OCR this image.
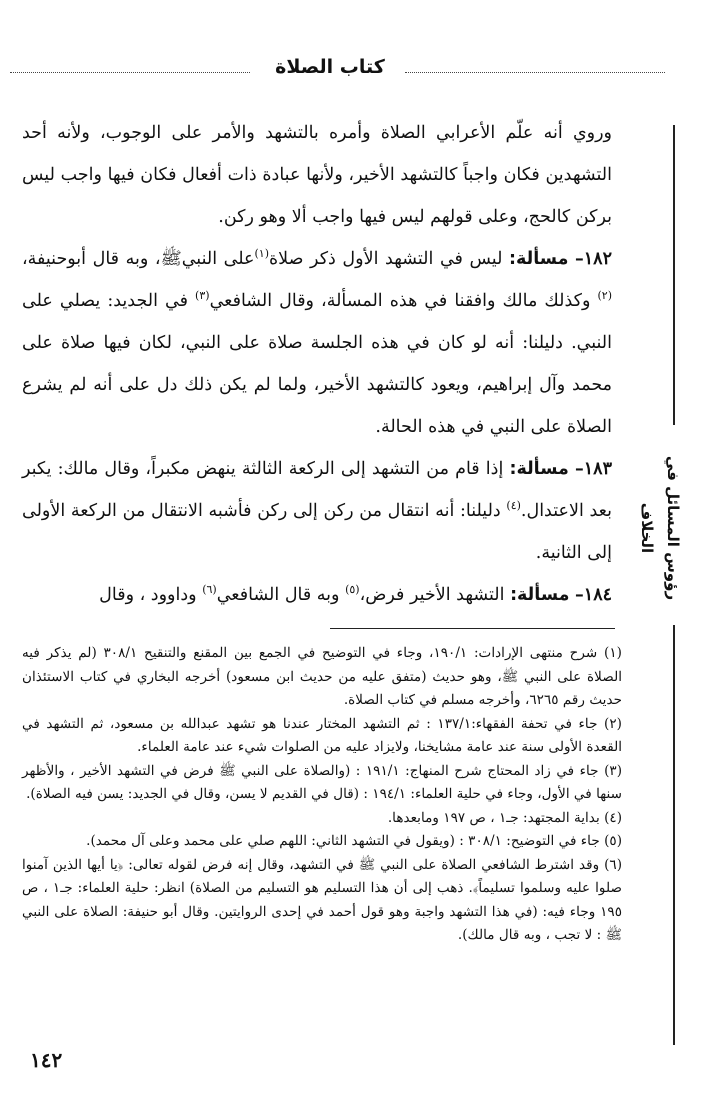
كتاب الصلاة
رؤوس المسائل في الخلاف

وروي أنه علّم الأعرابي الصلاة وأمره بالتشهد والأمر على الوجوب، ولأنه أحد التشهدين فكان واجباً كالتشهد الأخير، ولأنها عبادة ذات أفعال فكان فيها واجب ليس بركن كالحج، وعلى قولهم ليس فيها واجب ألا وهو ركن.

١٨٢– مسألة: ليس في التشهد الأول ذكر صلاة$^{(١)}$على النبيﷺ، وبه قال أبوحنيفة،$^{(٢)}$ وكذلك مالك وافقنا في هذه المسألة، وقال الشافعي$^{(٣)}$ في الجديد: يصلي على النبي. دليلنا: أنه لو كان في هذه الجلسة صلاة على النبي، لكان فيها صلاة على محمد وآل إبراهيم، ويعود كالتشهد الأخير، ولما لم يكن ذلك دل على أنه لم يشرع الصلاة على النبي في هذه الحالة.

١٨٣– مسألة: إذا قام من التشهد إلى الركعة الثالثة ينهض مكبراً، وقال مالك: يكبر بعد الاعتدال.$^{(٤)}$ دليلنا: أنه انتقال من ركن إلى ركن فأشبه الانتقال من الركعة الأولى إلى الثانية.

١٨٤– مسألة: التشهد الأخير فرض،$^{(٥)}$ وبه قال الشافعي$^{(٦)}$ وداوود ، وقال

(١) شرح منتهى الإرادات: ١٩٠/١، وجاء في التوضيح في الجمع بين المقنع والتنقيح ٣٠٨/١ (لم يذكر فيه الصلاة على النبي ﷺ، وهو حديث (متفق عليه من حديث ابن مسعود) أخرجه البخاري في كتاب الاستئذان حديث رقم ٦٢٦٥، وأخرجه مسلم في كتاب الصلاة.

(٢) جاء في تحفة الفقهاء:١٣٧/١ : ثم التشهد المختار عندنا هو تشهد عبدالله بن مسعود، ثم التشهد في القعدة الأولى سنة عند عامة مشايخنا، ولايزاد عليه من الصلوات شيء عند عامة العلماء.

(٣) جاء في زاد المحتاج شرح المنهاج: ١٩١/١ : (والصلاة على النبي ﷺ فرض في التشهد الأخير ، والأظهر سنها في الأول، وجاء في حلية العلماء: ١٩٤/١ : (قال في القديم لا يسن، وقال في الجديد: يسن فيه الصلاة).

(٤) بداية المجتهد: جـ١ ، ص ١٩٧ ومابعدها.

(٥) جاء في التوضيح: ٣٠٨/١ : (ويقول في التشهد الثاني: اللهم صلي على محمد وعلى آل محمد).

(٦) وقد اشترط الشافعي الصلاة على النبي ﷺ في التشهد، وقال إنه فرض لقوله تعالى: ﴿يا أيها الذين آمنوا صلوا عليه وسلموا تسليماً﴾. ذهب إلى أن هذا التسليم هو التسليم من الصلاة) انظر: حلية العلماء: جـ١ ، ص ١٩٥ وجاء فيه: (في هذا التشهد واجبة وهو قول أحمد في إحدى الروايتين. وقال أبو حنيفة: الصلاة على النبي ﷺ : لا تجب ، وبه قال مالك).

١٤٢
